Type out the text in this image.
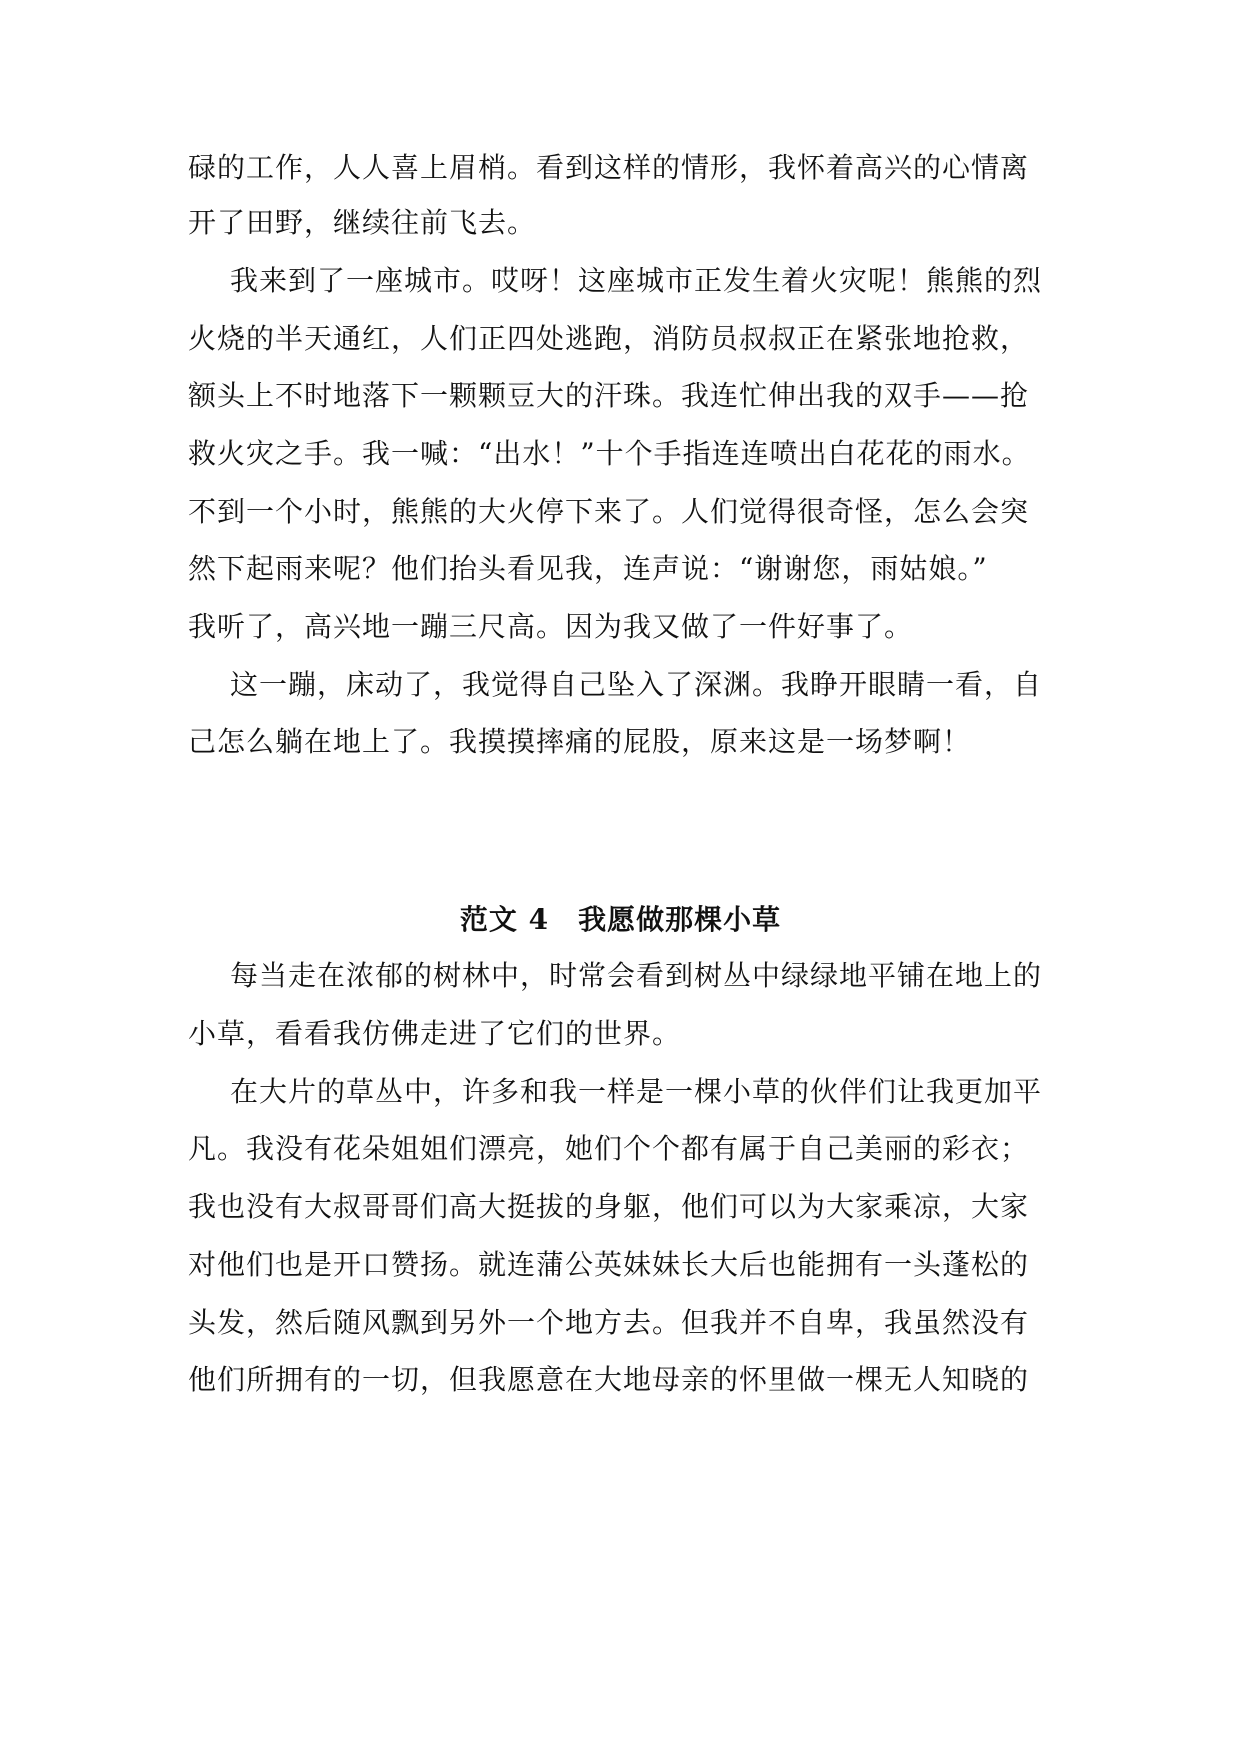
碌的工作，人人喜上眉梢。看到这样的情形，我怀着高兴的心情离

开了田野，继续往前飞去。

我来到了一座城市。哎呀！这座城市正发生着火灾呢！熊熊的烈

火烧的半天通红，人们正四处逃跑，消防员叔叔正在紧张地抢救，

额头上不时地落下一颗颗豆大的汗珠。我连忙伸出我的双手——抢

救火灾之手。我一喊：“出水！”十个手指连连喷出白花花的雨水。

不到一个小时，熊熊的大火停下来了。人们觉得很奇怪，怎么会突

然下起雨来呢？他们抬头看见我，连声说：“谢谢您，雨姑娘。”

我听了，高兴地一蹦三尺高。因为我又做了一件好事了。

这一蹦，床动了，我觉得自己坠入了深渊。我睁开眼睛一看，自

己怎么躺在地上了。我摸摸摔痛的屁股，原来这是一场梦啊！

范文 4　我愿做那棵小草

每当走在浓郁的树林中，时常会看到树丛中绿绿地平铺在地上的

小草，看看我仿佛走进了它们的世界。

在大片的草丛中，许多和我一样是一棵小草的伙伴们让我更加平

凡。我没有花朵姐姐们漂亮，她们个个都有属于自己美丽的彩衣；

我也没有大叔哥哥们高大挺拔的身躯，他们可以为大家乘凉，大家

对他们也是开口赞扬。就连蒲公英妹妹长大后也能拥有一头蓬松的

头发，然后随风飘到另外一个地方去。但我并不自卑，我虽然没有

他们所拥有的一切，但我愿意在大地母亲的怀里做一棵无人知晓的
